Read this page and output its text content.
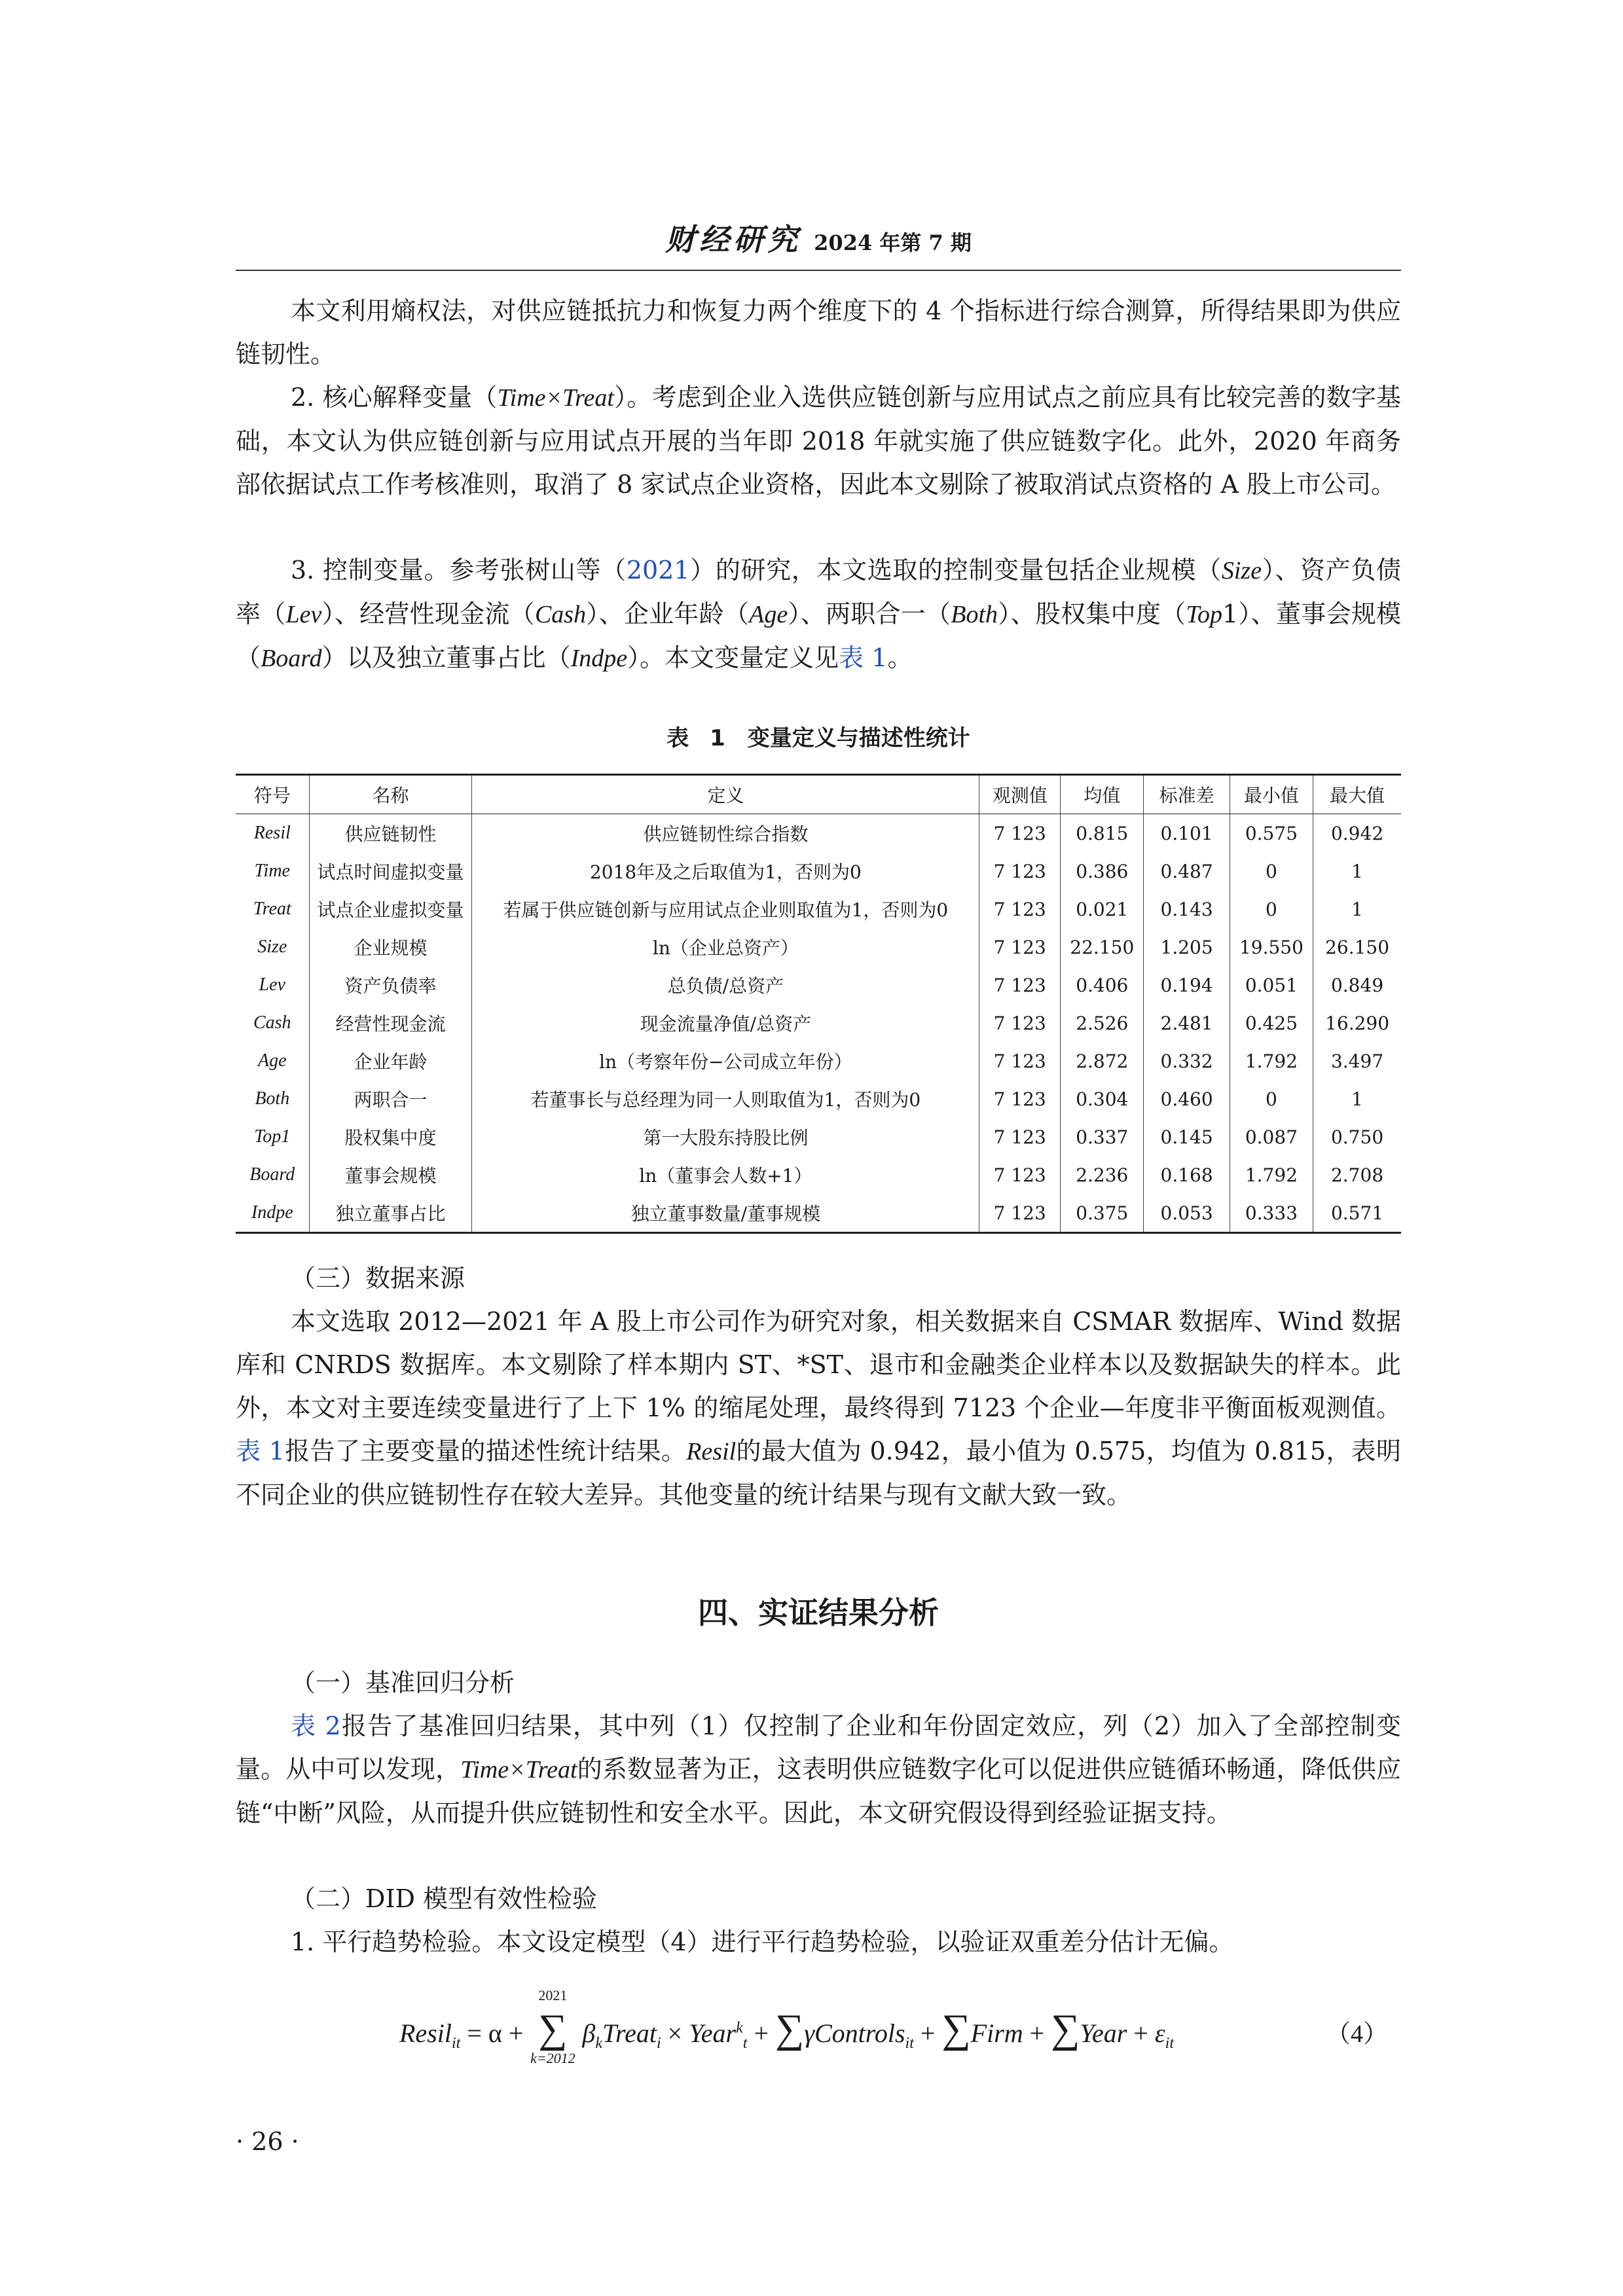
财经研究 2024 年第 7 期

本文利用熵权法，对供应链抵抗力和恢复力两个维度下的 4 个指标进行综合测算，所得结果即为供应链韧性。

2. 核心解释变量（Time×Treat）。考虑到企业入选供应链创新与应用试点之前应具有比较完善的数字基础，本文认为供应链创新与应用试点开展的当年即 2018 年就实施了供应链数字化。此外，2020 年商务部依据试点工作考核准则，取消了 8 家试点企业资格，因此本文剔除了被取消试点资格的 A 股上市公司。

3. 控制变量。参考张树山等（2021）的研究，本文选取的控制变量包括企业规模（Size）、资产负债率（Lev）、经营性现金流（Cash）、企业年龄（Age）、两职合一（Both）、股权集中度（Top1）、董事会规模（Board）以及独立董事占比（Indpe）。本文变量定义见表 1。

表 1　变量定义与描述性统计
符号	名称	定义	观测值	均值	标准差	最小值	最大值
Resil	供应链韧性	供应链韧性综合指数	7 123	0.815	0.101	0.575	0.942
Time	试点时间虚拟变量	2018年及之后取值为1，否则为0	7 123	0.386	0.487	0	1
Treat	试点企业虚拟变量	若属于供应链创新与应用试点企业则取值为1，否则为0	7 123	0.021	0.143	0	1
Size	企业规模	ln（企业总资产）	7 123	22.150	1.205	19.550	26.150
Lev	资产负债率	总负债/总资产	7 123	0.406	0.194	0.051	0.849
Cash	经营性现金流	现金流量净值/总资产	7 123	2.526	2.481	0.425	16.290
Age	企业年龄	ln（考察年份−公司成立年份）	7 123	2.872	0.332	1.792	3.497
Both	两职合一	若董事长与总经理为同一人则取值为1，否则为0	7 123	0.304	0.460	0	1
Top1	股权集中度	第一大股东持股比例	7 123	0.337	0.145	0.087	0.750
Board	董事会规模	ln（董事会人数+1）	7 123	2.236	0.168	1.792	2.708
Indpe	独立董事占比	独立董事数量/董事规模	7 123	0.375	0.053	0.333	0.571
（三）数据来源

本文选取 2012—2021 年 A 股上市公司作为研究对象，相关数据来自 CSMAR 数据库、Wind 数据库和 CNRDS 数据库。本文剔除了样本期内 ST、*ST、退市和金融类企业样本以及数据缺失的样本。此外，本文对主要连续变量进行了上下 1% 的缩尾处理，最终得到 7123 个企业—年度非平衡面板观测值。表 1报告了主要变量的描述性统计结果。Resil的最大值为 0.942，最小值为 0.575，均值为 0.815，表明不同企业的供应链韧性存在较大差异。其他变量的统计结果与现有文献大致一致。

四、实证结果分析
（一）基准回归分析

表 2报告了基准回归结果，其中列（1）仅控制了企业和年份固定效应，列（2）加入了全部控制变量。从中可以发现，Time×Treat的系数显著为正，这表明供应链数字化可以促进供应链循环畅通，降低供应链“中断”风险，从而提升供应链韧性和安全水平。因此，本文研究假设得到经验证据支持。

（二）DID 模型有效性检验

1. 平行趋势检验。本文设定模型（4）进行平行趋势检验，以验证双重差分估计无偏。

Resil$_{it}$ = α +
2021
∑
k=2012
$\beta_kTreat_i$ × Year$^k_t$ + ∑γControls$_{it}$ + ∑Firm + ∑Year + $\varepsilon_{it}$	（4）
· 26 ·
